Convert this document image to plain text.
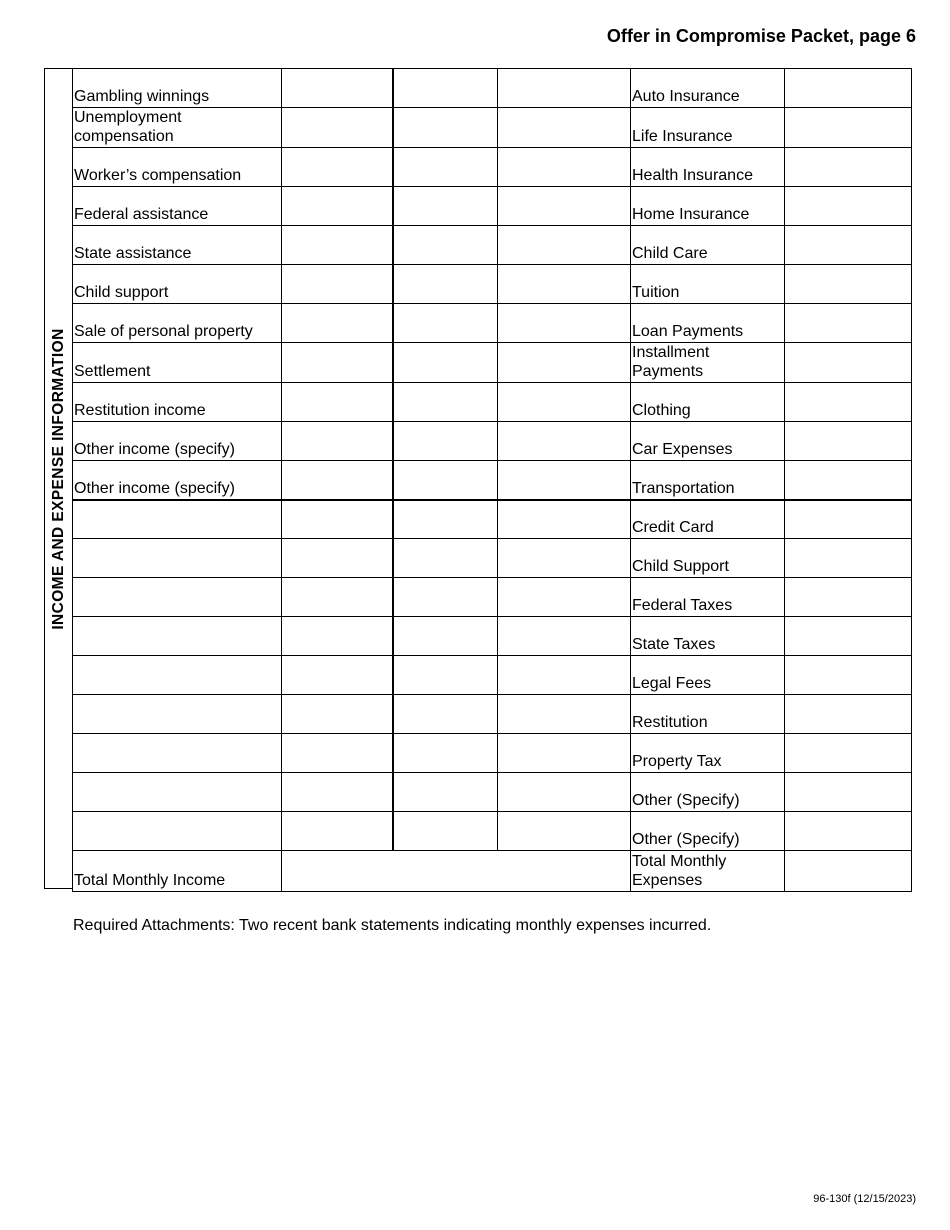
Offer in Compromise Packet, page 6
INCOME AND EXPENSE INFORMATION
Gambling winnings				Auto Insurance	
Unemployment compensation				Life Insurance	
Worker’s compensation				Health Insurance	
Federal assistance				Home Insurance	
State assistance				Child Care	
Child support				Tuition	
Sale of personal property				Loan Payments	
Settlement				Installment Payments	
Restitution income				Clothing	
Other income (specify)				Car Expenses	
Other income (specify)				Transportation	
				Credit Card	
				Child Support	
				Federal Taxes	
				State Taxes	
				Legal Fees	
				Restitution	
				Property Tax	
				Other (Specify)	
				Other (Specify)	
Total Monthly Income				Total Monthly Expenses	
Required Attachments: Two recent bank statements indicating monthly expenses incurred.
96-130f (12/15/2023)
